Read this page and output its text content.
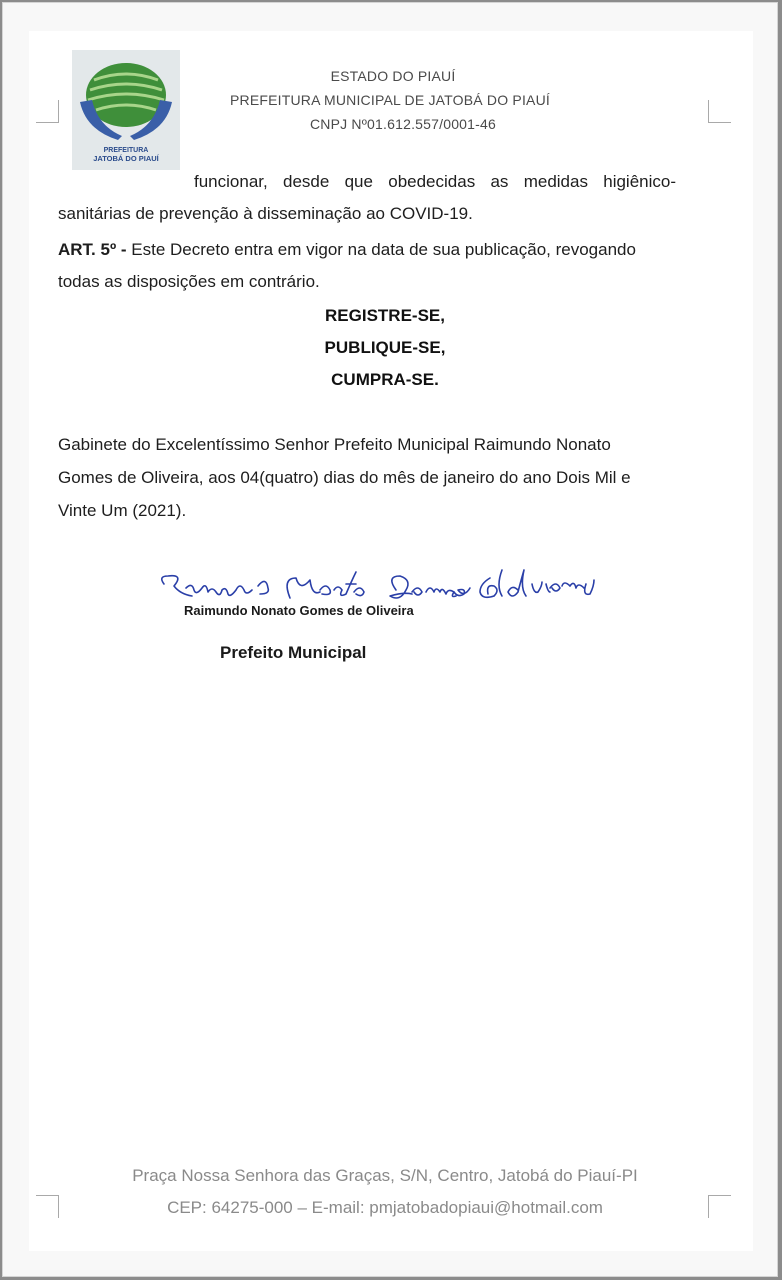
PREFEITURA
JATOBÁ DO PIAUÍ
ESTADO DO PIAUÍ
PREFEITURA MUNICIPAL DE JATOBÁ DO PIAUÍ
CNPJ Nº01.612.557/0001-46
funcionar, desde que obedecidas as medidas higiênico-
sanitárias de prevenção à disseminação ao COVID-19.
ART. 5º - Este Decreto entra em vigor na data de sua publicação, revogando
todas as disposições em contrário.
REGISTRE-SE,
PUBLIQUE-SE,
CUMPRA-SE.
Gabinete do Excelentíssimo Senhor Prefeito Municipal Raimundo Nonato
Gomes de Oliveira, aos 04(quatro) dias do mês de janeiro do ano Dois Mil e
Vinte Um (2021).
Raimundo Nonato Gomes de Oliveira
Prefeito Municipal
Praça Nossa Senhora das Graças, S/N, Centro, Jatobá do Piauí-PI
CEP: 64275-000 – E-mail: pmjatobadopiaui@hotmail.com
